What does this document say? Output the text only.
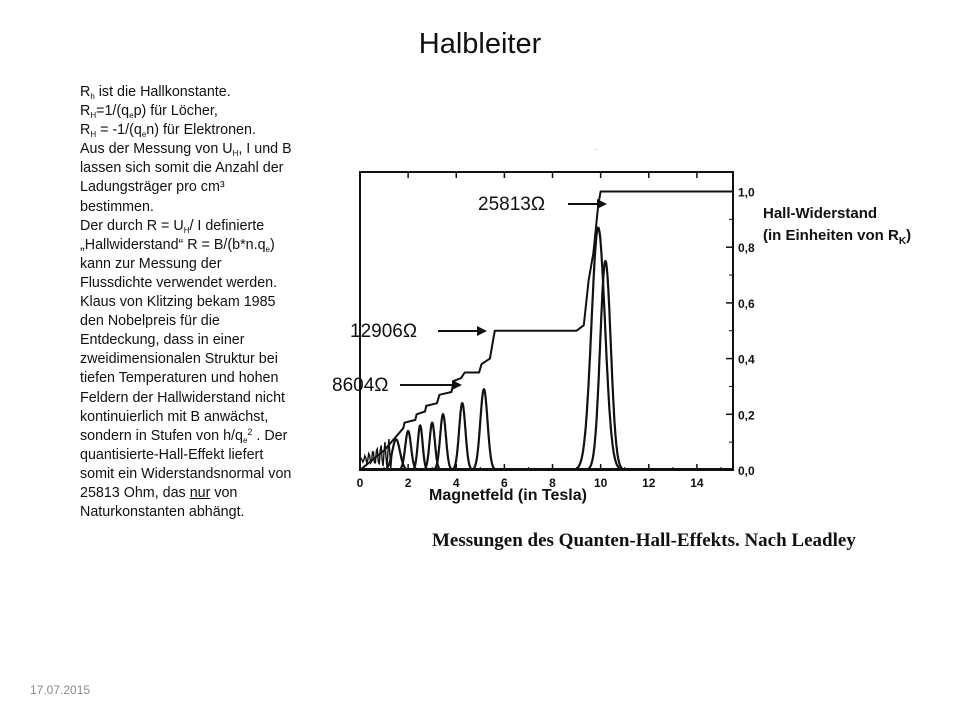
Halbleiter
$R_h$ ist die Hallkonstante.
$R_H=1/(q_ep)$ für Löcher,
$R_H = -1/(q_en)$ für Elektronen.
Aus der Messung von $U_H$, I und B
lassen sich somit die Anzahl der
Ladungsträger pro cm³
bestimmen.
Der durch $R = U_H/$ I definierte
„Hallwiderstand“ $R = B/(b*n.q_e)$
kann zur Messung der
Flussdichte verwendet werden.
Klaus von Klitzing bekam 1985
den Nobelpreis für die
Entdeckung, dass in einer
zweidimensionalen Struktur bei
tiefen Temperaturen und hohen
Feldern der Hallwiderstand nicht
kontinuierlich mit B anwächst,
sondern in Stufen von $h/q_e^2$ . Der
quantisierte-Hall-Effekt liefert
somit ein Widerstandsnormal von
25813 Ohm, das nur von
Naturkonstanten abhängt.
.
0	2	4	6	8	10	12	14
0,0
0,2
0,4
0,6
0,8
1,0
25813Ω
12906Ω
8604Ω
Magnetfeld (in Tesla)
Hall-Widerstand
(in Einheiten von $R_K$)
Messungen des Quanten-Hall-Effekts. Nach Leadley
17.07.2015
